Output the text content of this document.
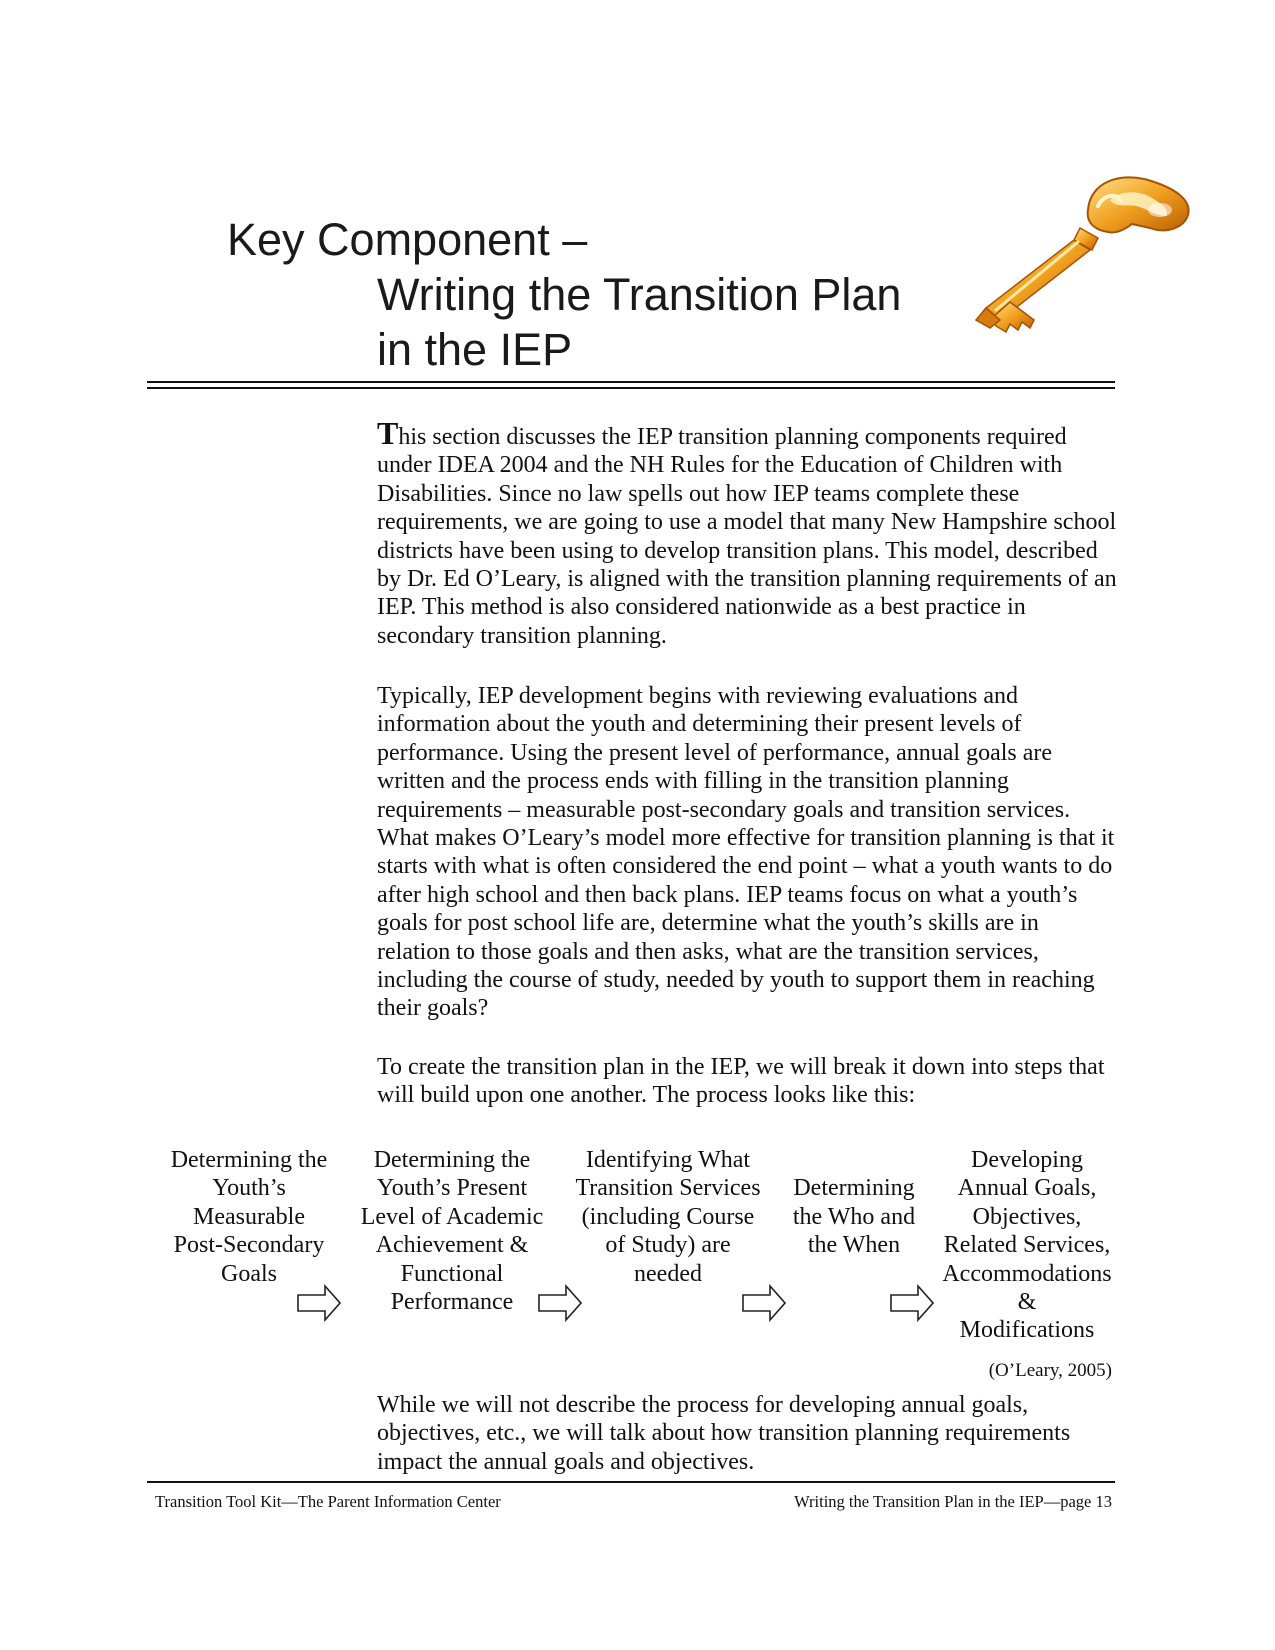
Key Component –
Writing the Transition Plan
in the IEP

This section discusses the IEP transition planning components required under IDEA 2004 and the NH Rules for the Education of Children with Disabilities. Since no law spells out how IEP teams complete these requirements, we are going to use a model that many New Hampshire school districts have been using to develop transition plans. This model, described by Dr. Ed O’Leary, is aligned with the transition planning requirements of an IEP. This method is also considered nationwide as a best practice in secondary transition planning.

Typically, IEP development begins with reviewing evaluations and information about the youth and determining their present levels of performance. Using the present level of performance, annual goals are written and the process ends with filling in the transition planning requirements – measurable post-secondary goals and transition services. What makes O’Leary’s model more effective for transition planning is that it starts with what is often considered the end point – what a youth wants to do after high school and then back plans. IEP teams focus on what a youth’s goals for post school life are, determine what the youth’s skills are in relation to those goals and then asks, what are the transition services, including the course of study, needed by youth to support them in reaching their goals?

To create the transition plan in the IEP, we will break it down into steps that will build upon one another. The process looks like this:

Determining the
Youth’s
Measurable
Post-Secondary
Goals
Determining the
Youth’s Present
Level of Academic
Achievement &
Functional
Performance
Identifying What
Transition Services
(including Course
of Study) are
needed
Determining
the Who and
the When
Developing
Annual Goals,
Objectives,
Related Services,
Accommodations
&
Modifications
(O’Leary, 2005)

While we will not describe the process for developing annual goals, objectives, etc., we will talk about how transition planning requirements impact the annual goals and objectives.

Transition Tool Kit—The Parent Information Center	Writing the Transition Plan in the IEP—page 13
